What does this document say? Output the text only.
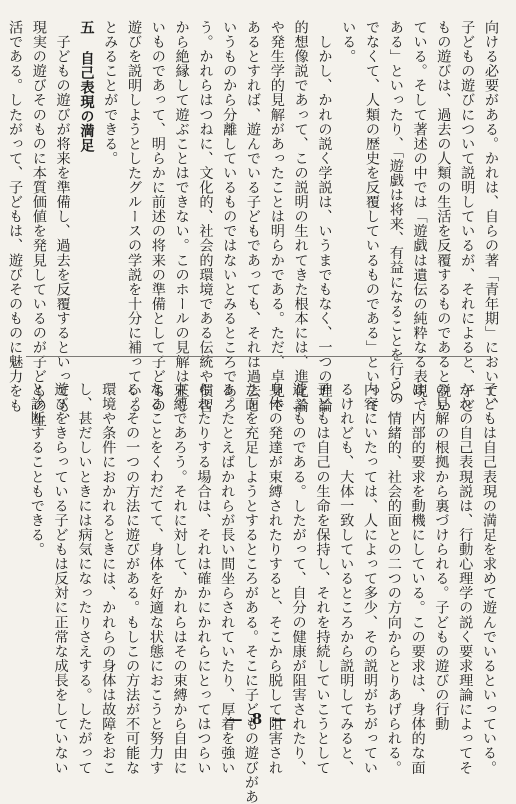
向ける必要がある。かれは、自らの著「青年期」において、
子どもの遊びについて説明しているが、それによると、子ど
もの遊びは、過去の人類の生活を反覆するものであると説い
ている。そして著述の中では「遊戯は遺伝の純粋なる表現で
ある」といったり、「遊戯は将来、有益になることを行うの
でなくて、人類の歴史を反覆しているものである」といって
いる。
　しかし、かれの説く学説は、いうまでもなく、一つの理論
的想像説であって、この説明の生れてきた根本には、進化論
や発生学的見解があったことは明らかである。ただ、卓見で
あるとすれば、遊んでいる子どもであっても、それは過去と
いうものから分離しているものではないとみるところであろ
う。かれらはつねに、文化的、社会的環境である伝統や慣習
から絶縁して遊ぶことはできない。このホールの見解は正し
いものであって、明らかに前述の将来の準備として子どもの
遊びを説明しようとしたグルースの学説を十分に補っている
とみることができる。
五 自己表現の満足
　子どもの遊びが将来を準備し、過去を反覆するといっても、
現実の遊びそのものに本質価値を発見しているのが子どもの生
活である。したがって、子どもは、遊びそのものに魅力をも
子どもは自己表現の満足を求めて遊んでいるといっている。
かれの自己表現説は、行動心理学の説く要求理論によってそ
の見解の根拠から裏づけられる。子どもの遊びの行動
は、内部的要求を動機にしている。この要求は、身体的な面
と、情緒的、社会的面との二つの方向からとりあげられる。
内容にいたっては、人によって多少、その説明がちがってい
るけれども、大体一致しているところから説明してみると、
子どもは自己の生命を保持し、それを持続していこうとして
遊ぶものである。したがって、自分の健康が阻害されたり、
身体の発達が束縛されたりすると、そこから脱して阻害され
た面を充足しようとするところがある。そこに子どもの遊びがあ
る。たとえばかれらが長い間坐らされていたり、厚着を強い
られたりする場合は、それは確かにかれらにとってはつらい
束縛であろう。それに対して、かれらはその束縛から自由に
なることをくわだてて、身体を好適な状態におこうと努力す
る。その一つの方法に遊びがある。もしこの方法が不可能な
環境や条件におかれるときには、かれらの身体は故障をおこ
し、甚だしいときには病気になったりさえする。したがって
遊びをきらっている子どもは反対に正常な成長をしていない
と診断することもできる。
— 8 —
